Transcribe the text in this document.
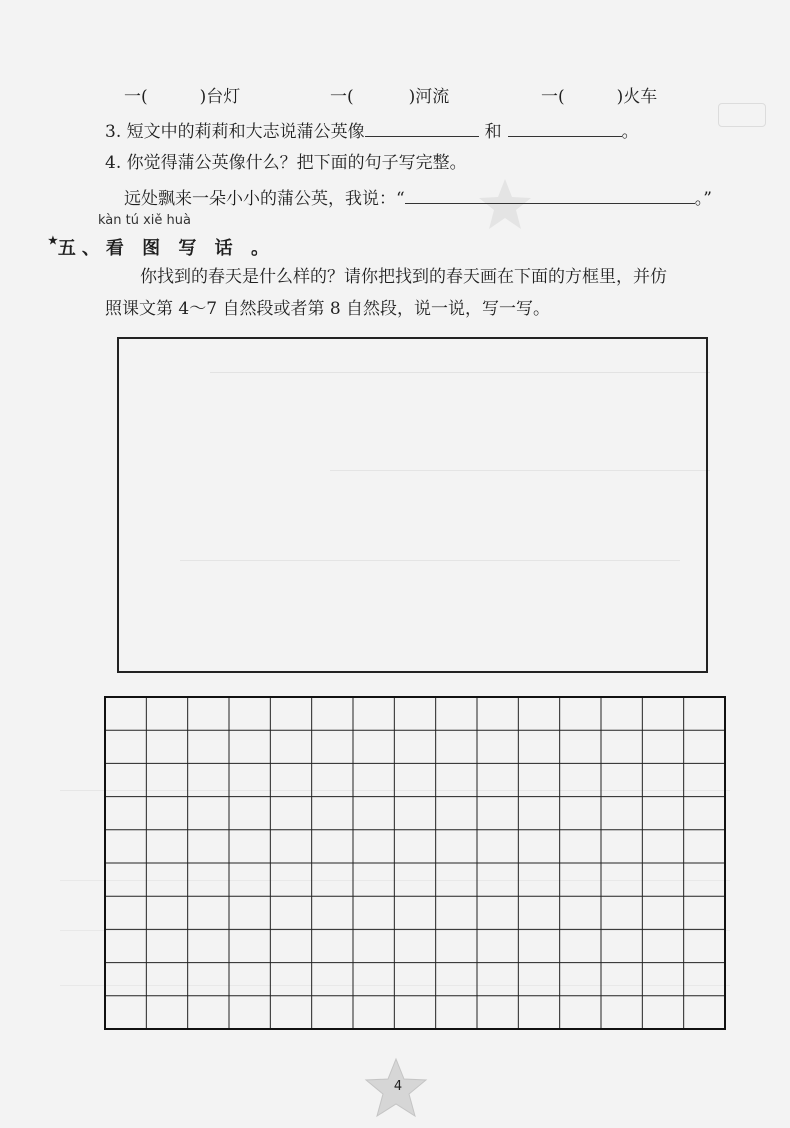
一(	)台灯	一(	)河流	一(	)火车
3. 短文中的莉莉和大志说蒲公英像	和	。
4. 你觉得蒲公英像什么？把下面的句子写完整。
远处飘来一朵小小的蒲公英，我说：“	。”
kàn tú xiě huà
★五、看 图 写 话 。
你找到的春天是什么样的？请你把找到的春天画在下面的方框里，并仿
照课文第 4～7 自然段或者第 8 自然段，说一说，写一写。
4
